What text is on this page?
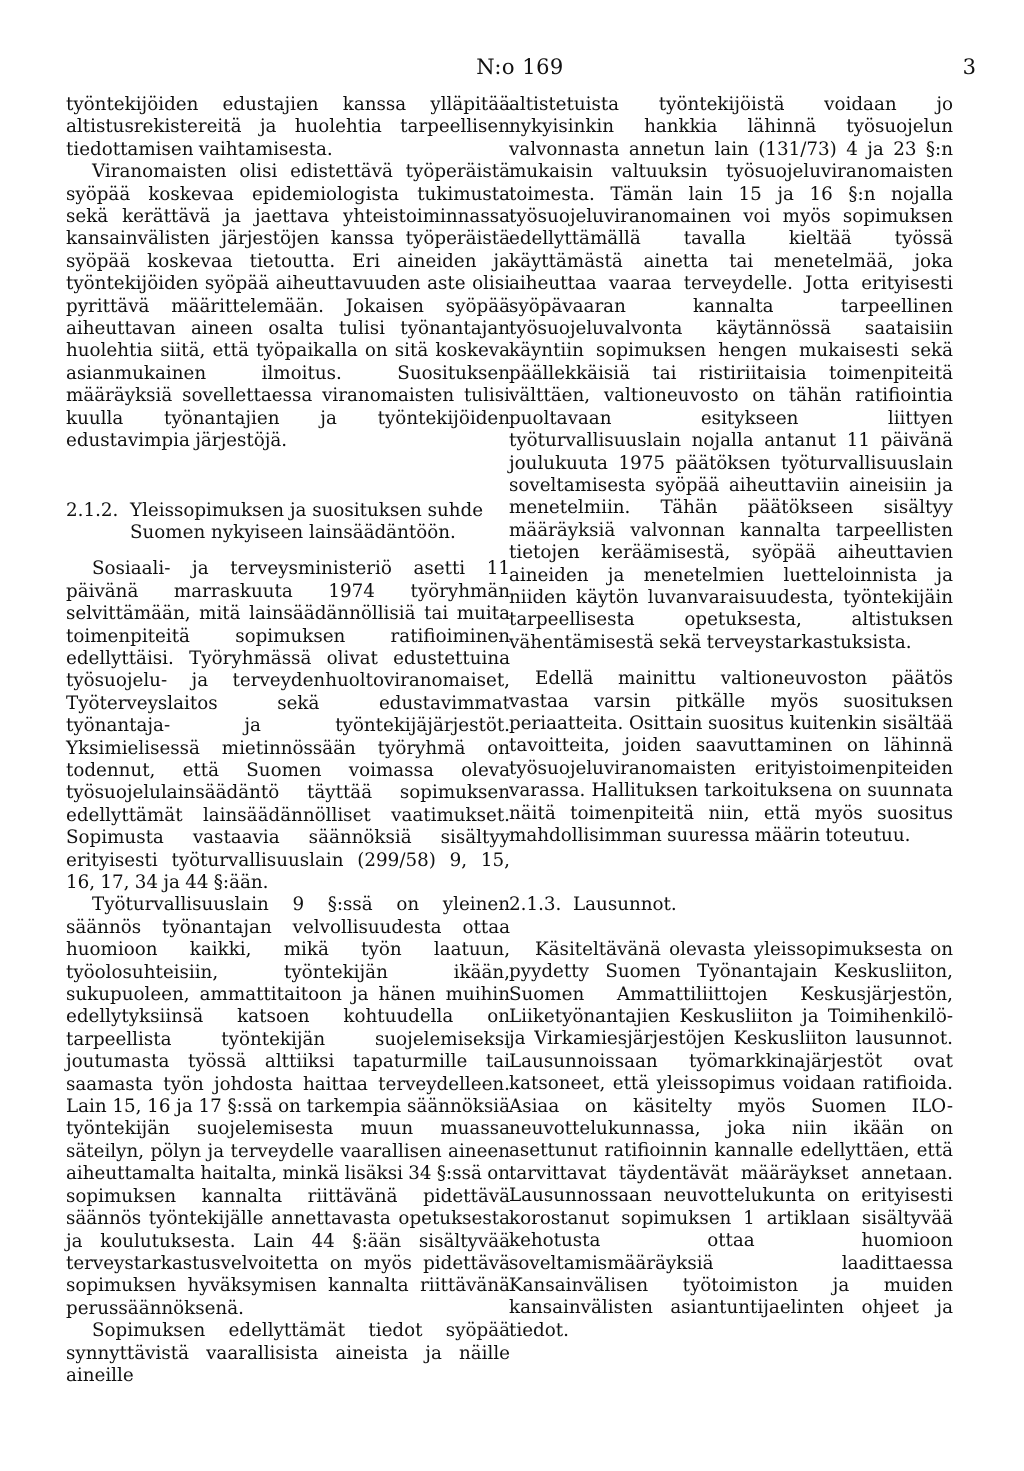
N:o 169	3

työntekijöiden edustajien kanssa ylläpitää altistusrekistereitä ja huolehtia tarpeellisen tiedottamisen vaihtamisesta.

Viranomaisten olisi edistettävä työperäistä syöpää koskevaa epidemiologista tukimusta sekä kerättävä ja jaettava yhteistoiminnassa kansainvälisten järjestöjen kanssa työperäistä syöpää koskevaa tietoutta. Eri aineiden ja työntekijöiden syöpää aiheuttavuuden aste olisi pyrittävä määrittelemään. Jokaisen syöpää aiheuttavan aineen osalta tulisi työnantajan huolehtia siitä, että työpaikalla on sitä koskeva asianmukainen ilmoitus. Suosituksen määräyksiä sovellettaessa viranomaisten tulisi kuulla työnantajien ja työntekijöiden edustavimpia järjestöjä.

2.1.2. Yleissopimuksen ja suosituksen suhde Suomen nykyiseen lainsäädäntöön.

Sosiaali- ja terveysministeriö asetti 11 päivänä marraskuuta 1974 työryhmän selvittämään, mitä lainsäädännöllisiä tai muita toimenpiteitä sopimuksen ratifioiminen edellyttäisi. Työryhmässä olivat edustettuina työsuojelu- ja terveydenhuoltoviranomaiset, Työterveyslaitos sekä edustavimmat työnantaja- ja työntekijäjärjestöt. Yksimielisessä mietinnössään työryhmä on todennut, että Suomen voimassa oleva työsuojelulainsäädäntö täyttää sopimuksen edellyttämät lainsäädännölliset vaatimukset. Sopimusta vastaavia säännöksiä sisältyy erityisesti työturvallisuuslain (299/58) 9, 15, 16, 17, 34 ja 44 §:ään.

Työturvallisuuslain 9 §:ssä on yleinen säännös työnantajan velvollisuudesta ottaa huomioon kaikki, mikä työn laatuun, työolosuhteisiin, työntekijän ikään, sukupuoleen, ammattitaitoon ja hänen muihin edellytyksiinsä katsoen kohtuudella on tarpeellista työntekijän suojelemiseksi joutumasta työssä alttiiksi tapaturmille tai saamasta työn johdosta haittaa terveydelleen. Lain 15, 16 ja 17 §:ssä on tarkempia säännöksiä työntekijän suojelemisesta muun muassa säteilyn, pölyn ja terveydelle vaarallisen aineen aiheuttamalta haitalta, minkä lisäksi 34 §:ssä on sopimuksen kannalta riittävänä pidettävä säännös työntekijälle annettavasta opetuksesta ja koulutuksesta. Lain 44 §:ään sisältyvää terveystarkastusvelvoitetta on myös pidettävä sopimuksen hyväksymisen kannalta riittävänä perussäännöksenä.

Sopimuksen edellyttämät tiedot syöpää synnyttävistä vaarallisista aineista ja näille aineille

altistetuista työntekijöistä voidaan jo nykyisinkin hankkia lähinnä työsuojelun valvonnasta annetun lain (131/73) 4 ja 23 §:n mukaisin valtuuksin työsuojeluviranomaisten toimesta. Tämän lain 15 ja 16 §:n nojalla työsuojeluviranomainen voi myös sopimuksen edellyttämällä tavalla kieltää työssä käyttämästä ainetta tai menetelmää, joka aiheuttaa vaaraa terveydelle. Jotta erityisesti syöpävaaran kannalta tarpeellinen työsuojeluvalvonta käytännössä saataisiin käyntiin sopimuksen hengen mukaisesti sekä päällekkäisiä tai ristiriitaisia toimenpiteitä välttäen, valtioneuvosto on tähän ratifiointia puoltavaan esitykseen liittyen työturvallisuuslain nojalla antanut 11 päivänä joulukuuta 1975 päätöksen työturvallisuuslain soveltamisesta syöpää aiheuttaviin aineisiin ja menetelmiin. Tähän päätökseen sisältyy määräyksiä valvonnan kannalta tarpeellisten tietojen keräämisestä, syöpää aiheuttavien aineiden ja menetelmien luetteloinnista ja niiden käytön luvanvaraisuudesta, työntekijäin tarpeellisesta opetuksesta, altistuksen vähentämisestä sekä terveystarkastuksista.

Edellä mainittu valtioneuvoston päätös vastaa varsin pitkälle myös suosituksen periaatteita. Osittain suositus kuitenkin sisältää tavoitteita, joiden saavuttaminen on lähinnä työsuojeluviranomaisten erityistoimenpiteiden varassa. Hallituksen tarkoituksena on suunnata näitä toimenpiteitä niin, että myös suositus mahdollisimman suuressa määrin toteutuu.

2.1.3. Lausunnot.

Käsiteltävänä olevasta yleissopimuksesta on pyydetty Suomen Työnantajain Keskusliiton, Suomen Ammattiliittojen Keskusjärjestön, Liiketyönantajien Keskusliiton ja Toimihenkilö- ja Virkamiesjärjestöjen Keskusliiton lausunnot. Lausunnoissaan työmarkkinajärjestöt ovat katsoneet, että yleissopimus voidaan ratifioida. Asiaa on käsitelty myös Suomen ILO-neuvottelukunnassa, joka niin ikään on asettunut ratifioinnin kannalle edellyttäen, että tarvittavat täydentävät määräykset annetaan. Lausunnossaan neuvottelukunta on erityisesti korostanut sopimuksen 1 artiklaan sisältyvää kehotusta ottaa huomioon soveltamismääräyksiä laadittaessa Kansainvälisen työtoimiston ja muiden kansainvälisten asiantuntijaelinten ohjeet ja tiedot.
